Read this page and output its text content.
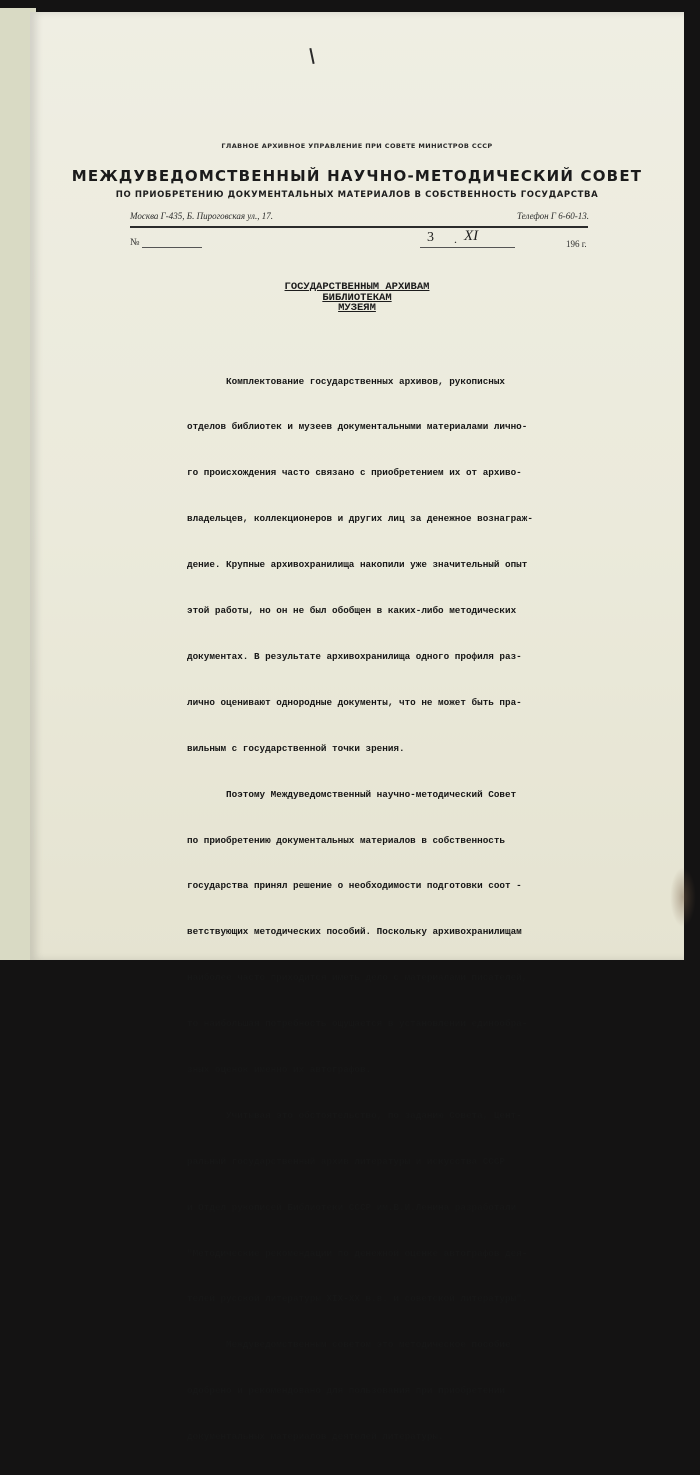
ГЛАВНОЕ АРХИВНОЕ УПРАВЛЕНИЕ ПРИ СОВЕТЕ МИНИСТРОВ СССР
МЕЖДУВЕДОМСТВЕННЫЙ НАУЧНО-МЕТОДИЧЕСКИЙ СОВЕТ
ПО ПРИОБРЕТЕНИЮ ДОКУМЕНТАЛЬНЫХ МАТЕРИАЛОВ В СОБСТВЕННОСТЬ ГОСУДАРСТВА
Москва Г-435, Б. Пироговская ул., 17.	Телефон Г 6-60-13.
№	3 . XI	196 г.
ГОСУДАРСТВЕННЫМ АРХИВАМ
БИБЛИОТЕКАМ
МУЗЕЯМ

Комплектование государственных архивов, рукописных

отделов библиотек и музеев документальными материалами лично-

го происхождения часто связано с приобретением их от архиво-

владельцев, коллекционеров и других лиц за денежное вознаграж-

дение. Крупные архивохранилища накопили уже значительный опыт

этой работы, но он не был обобщен в каких-либо методических

документах. В результате архивохранилища одного профиля раз-

лично оценивают однородные документы, что не может быть пра-

вильным с государственной точки зрения.

Поэтому Междуведомственный научно-методический Совет

по приобретению документальных материалов в собственность

государства принял решение о необходимости подготовки соот -

ветствующих методических пособий. Поскольку архивохранилищам

наиболее часто приходится иметь дело с материалами писателей,

то наибольшая потребность ощущается в установлении единообра-

зных оценок именно их автографов.

Учитывая это обстоятельство, по заданию Совета, Цент-

ральный государственный архив литературы и искусства СССР

и Отдел рукописей Библиотеки СССР им.В.И.Ленина разработали

"Методические рекомендации по денежной оценке автографов дея-

телей русской литературы XIX-XX в.в. и советской литературы".

Междуведомственным советом это методическое пособие

одобрено и рекомендовано для пользования при приобретении

документальных материалов деятелей литературы.
